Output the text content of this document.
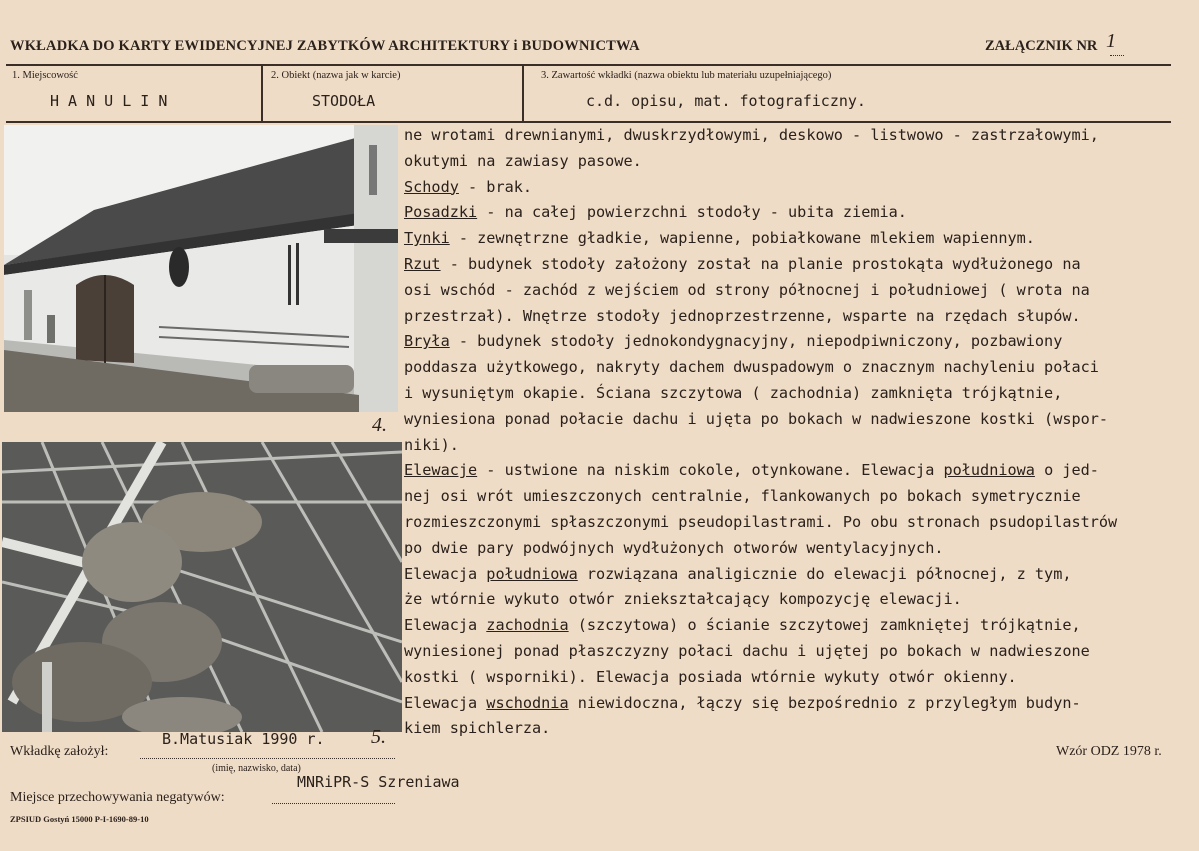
WKŁADKA DO KARTY EWIDENCYJNEJ ZABYTKÓW ARCHITEKTURY i BUDOWNICTWA	ZAŁĄCZNIK NR 1
1. Miejscowość
H A N U L I N
2. Obiekt (nazwa jak w karcie)
STODOŁA
3. Zawartość wkładki (nazwa obiektu lub materiału uzupełniającego)
c.d. opisu, mat. fotograficzny.
4.
ne wrotami drewnianymi, dwuskrzydłowymi, deskowo - listwowo - zastrzałowymi,
okutymi na zawiasy pasowe.
Schody - brak.
Posadzki - na całej powierzchni stodoły - ubita ziemia.
Tynki - zewnętrzne gładkie, wapienne, pobiałkowane mlekiem wapiennym.
Rzut - budynek stodoły założony został na planie prostokąta wydłużonego na
osi wschód - zachód z wejściem od strony północnej i południowej ( wrota na
przestrzał). Wnętrze stodoły jednoprzestrzenne, wsparte na rzędach słupów.
Bryła - budynek stodoły jednokondygnacyjny, niepodpiwniczony, pozbawiony
poddasza użytkowego, nakryty dachem dwuspadowym o znacznym nachyleniu połaci
i wysuniętym okapie. Ściana szczytowa ( zachodnia) zamknięta trójkątnie,
wyniesiona ponad połacie dachu i ujęta po bokach w nadwieszone kostki (wspor-
niki).
Elewacje - ustwione na niskim cokole, otynkowane. Elewacja południowa o jed-
nej osi wrót umieszczonych centralnie, flankowanych po bokach symetrycznie
rozmieszczonymi spłaszczonymi pseudopilastrami. Po obu stronach psudopilastrów
po dwie pary podwójnych wydłużonych otworów wentylacyjnych.
Elewacja południowa rozwiązana analigicznie do elewacji północnej, z tym,
że wtórnie wykuto otwór zniekształcający kompozycję elewacji.
Elewacja zachodnia (szczytowa) o ścianie szczytowej zamkniętej trójkątnie,
wyniesionej ponad płaszczyzny połaci dachu i ujętej po bokach w nadwieszone
kostki ( wsporniki). Elewacja posiada wtórnie wykuty otwór okienny.
Elewacja wschodnia niewidoczna, łączy się bezpośrednio z przyległym budyn-
kiem spichlerza.
Wkładkę założył:
B.Matusiak 1990 r. 5.
(imię, nazwisko, data)
Wzór ODZ 1978 r.
Miejsce przechowywania negatywów:
MNRiPR-S Szreniawa
ZPSIUD Gostyń 15000 P-I-1690-89-10
